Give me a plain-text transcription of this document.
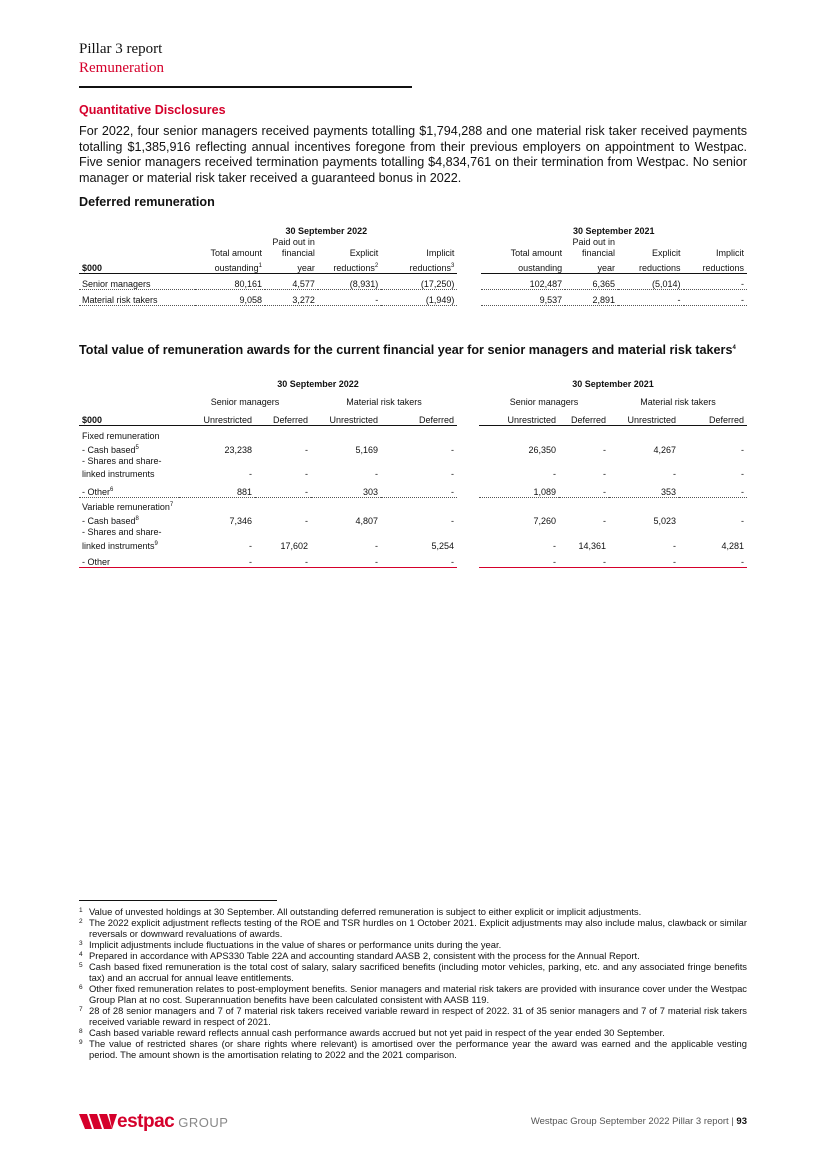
Pillar 3 report
Remuneration
Quantitative Disclosures
For 2022, four senior managers received payments totalling $1,794,288 and one material risk taker received payments totalling $1,385,916 reflecting annual incentives foregone from their previous employers on appointment to Westpac. Five senior managers received termination payments totalling $4,834,761 on their termination from Westpac. No senior manager or material risk taker received a guaranteed bonus in 2022.
Deferred remuneration
	30 September 2022					30 September 2021			
		Paid out in					Paid out in		
	Total amount	financial	Explicit	Implicit		Total amount	financial	Explicit	Implicit
$000	oustanding$^1$	year	reductions$^2$	reductions$^3$		oustanding	year	reductions	reductions
Senior managers	80,161	4,577	(8,931)	(17,250)		102,487	6,365	(5,014)	-
Material risk takers	9,058	3,272	-	(1,949)		9,537	2,891	-	-
Total value of remuneration awards for the current financial year for senior managers and material risk takers$^4$
	30 September 2022					30 September 2021			
	Senior managers		Material risk takers			Senior managers		Material risk takers	
$000	Unrestricted	Deferred	Unrestricted	Deferred		Unrestricted	Deferred	Unrestricted	Deferred
Fixed remuneration									
- Cash based$^5$	23,238	-	5,169	-		26,350	-	4,267	-
- Shares and share-									
linked instruments	-	-	-	-		-	-	-	-
- Other$^6$	881	-	303	-		1,089	-	353	-
Variable remuneration$^7$		
- Cash based$^8$	7,346	-	4,807	-		7,260	-	5,023	-
- Shares and share-									
linked instruments$^9$	-	17,602	-	5,254		-	14,361	-	4,281
- Other	-	-	-	-		-	-	-	-
1 Value of unvested holdings at 30 September. All outstanding deferred remuneration is subject to either explicit or implicit adjustments.
2 The 2022 explicit adjustment reflects testing of the ROE and TSR hurdles on 1 October 2021. Explicit adjustments may also include malus, clawback or similar reversals or downward revaluations of awards.
3 Implicit adjustments include fluctuations in the value of shares or performance units during the year.
4 Prepared in accordance with APS330 Table 22A and accounting standard AASB 2, consistent with the process for the Annual Report.
5 Cash based fixed remuneration is the total cost of salary, salary sacrificed benefits (including motor vehicles, parking, etc. and any associated fringe benefits tax) and an accrual for annual leave entitlements.
6 Other fixed remuneration relates to post-employment benefits. Senior managers and material risk takers are provided with insurance cover under the Westpac Group Plan at no cost. Superannuation benefits have been calculated consistent with AASB 119.
7 28 of 28 senior managers and 7 of 7 material risk takers received variable reward in respect of 2022. 31 of 35 senior managers and 7 of 7 material risk takers received variable reward in respect of 2021.
8 Cash based variable reward reflects annual cash performance awards accrued but not yet paid in respect of the year ended 30 September.
9 The value of restricted shares (or share rights where relevant) is amortised over the performance year the award was earned and the applicable vesting period. The amount shown is the amortisation relating to 2022 and the 2021 comparison.
estpac GROUP	Westpac Group September 2022 Pillar 3 report | 93
